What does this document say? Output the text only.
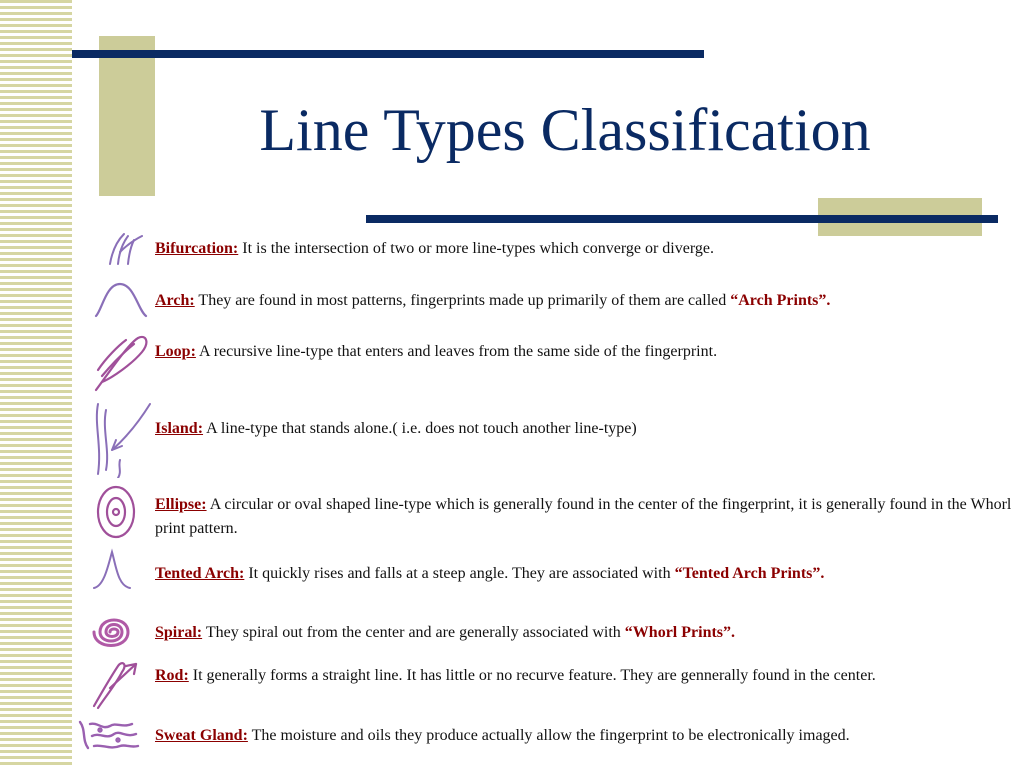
Line Types Classification
Bifurcation: It is the intersection of two or more line-types which converge or diverge.
Arch: They are found in most patterns, fingerprints made up primarily of them are called “Arch Prints”.
Loop: A recursive line-type that enters and leaves from the same side of the fingerprint.
Island: A line-type that stands alone.( i.e. does not touch another line-type)
Ellipse: A circular or oval shaped line-type which is generally found in the center of the fingerprint, it is generally found in the Whorl print pattern.
Tented Arch: It quickly rises and falls at a steep angle. They are associated with “Tented Arch Prints”.
Spiral: They spiral out from the center and are generally associated with “Whorl Prints”.
Rod: It generally forms a straight line. It has little or no recurve feature. They are gennerally found in the center.
Sweat Gland: The moisture and oils they produce actually allow the fingerprint to be electronically imaged.
